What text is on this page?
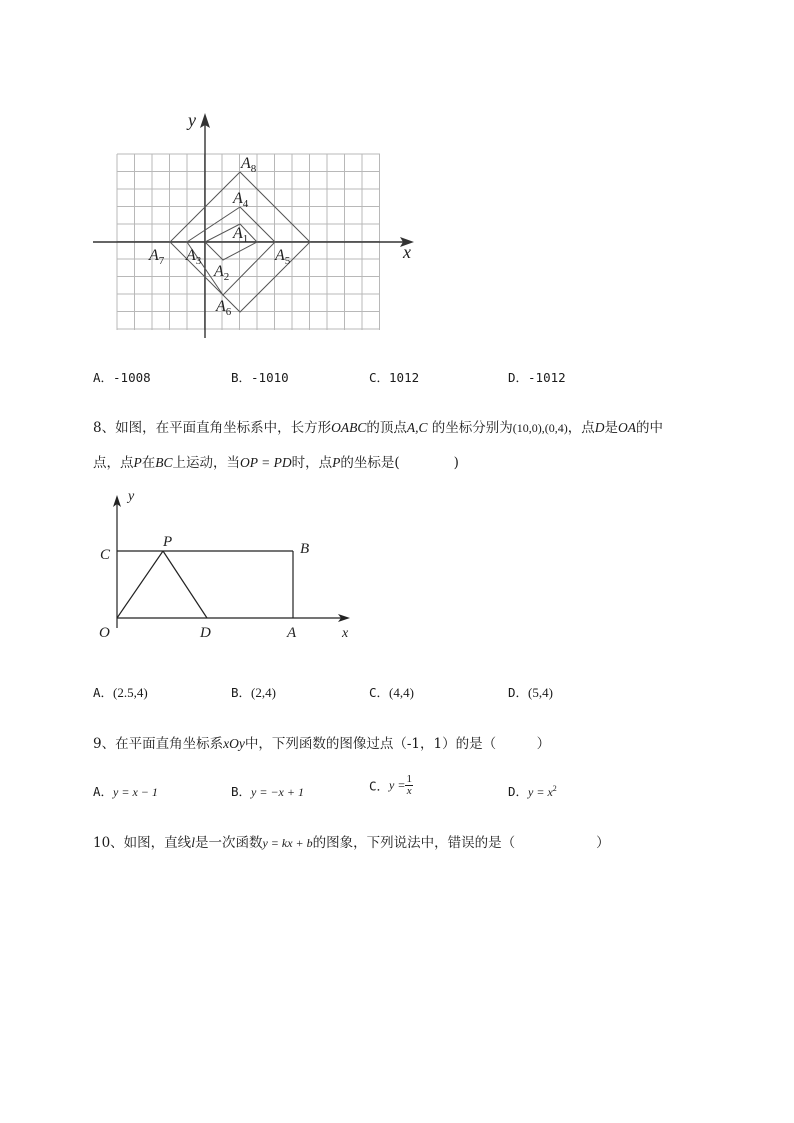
y
x
$A_1$
$A_2$
$A_3$
$A_4$
$A_5$
$A_6$
$A_7$
$A_8$
A．-1008	B．-1010	C．1012	D．-1012
8、如图，在平面直角坐标系中，长方形OABC的顶点A,C 的坐标分别为(10,0),(0,4)，点D是OA的中
点，点P在BC上运动，当OP = PD时，点P的坐标是(　　　　)
y
x
C
P	B
O	D	A
A．(2.5,4)	B．(2,4)	C．(4,4)	D．(5,4)
9、在平面直角坐标系xOy中，下列函数的图像过点（-1，1）的是（　　　）
A．y = x − 1	B．y = −x + 1	C．$y = \frac{1}{x}$	D．$y = x^2$
10、如图，直线l是一次函数y = kx + b的图象，下列说法中，错误的是（　　　　　　）
